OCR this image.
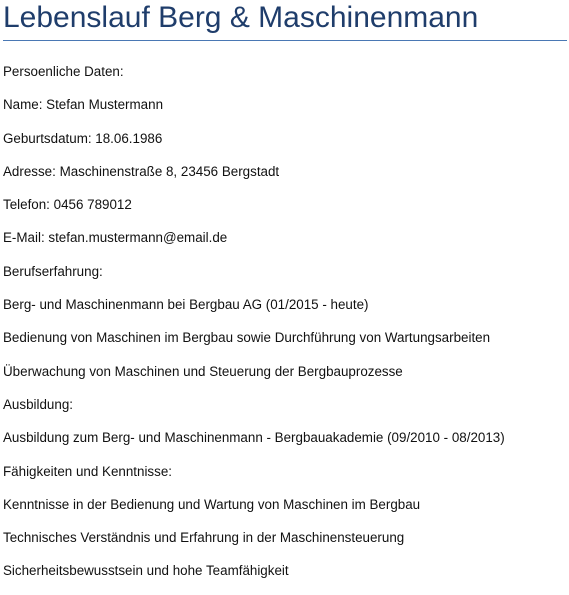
Lebenslauf Berg & Maschinenmann
Persoenliche Daten:
Name: Stefan Mustermann
Geburtsdatum: 18.06.1986
Adresse: Maschinenstraße 8, 23456 Bergstadt
Telefon: 0456 789012
E-Mail: stefan.mustermann@email.de
Berufserfahrung:
Berg- und Maschinenmann bei Bergbau AG (01/2015 - heute)
Bedienung von Maschinen im Bergbau sowie Durchführung von Wartungsarbeiten
Überwachung von Maschinen und Steuerung der Bergbauprozesse
Ausbildung:
Ausbildung zum Berg- und Maschinenmann - Bergbauakademie (09/2010 - 08/2013)
Fähigkeiten und Kenntnisse:
Kenntnisse in der Bedienung und Wartung von Maschinen im Bergbau
Technisches Verständnis und Erfahrung in der Maschinensteuerung
Sicherheitsbewusstsein und hohe Teamfähigkeit
